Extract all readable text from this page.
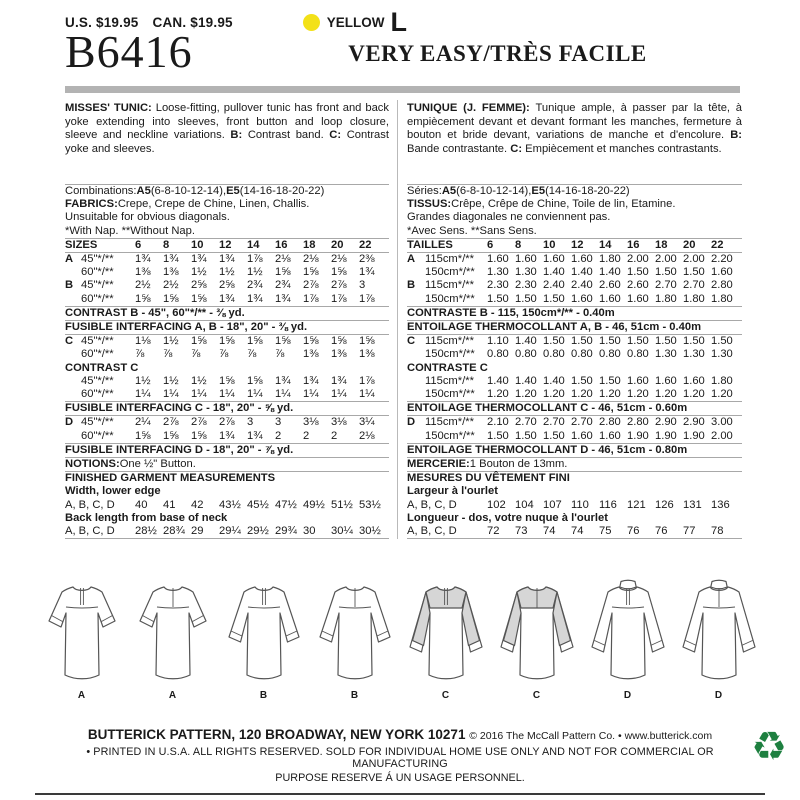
U.S. $19.95 CAN. $19.95	YELLOW L
B6416	VERY EASY/TRÈS FACILE

MISSES' TUNIC: Loose-fitting, pullover tunic has front and back yoke extending into sleeves, front button and loop closure, sleeve and neckline variations. B: Contrast band. C: Contrast yoke and sleeves.

Combinations: A5 (6-8-10-12-14), E5 (14-16-18-20-22)
FABRICS: Crepe, Crepe de Chine, Linen, Challis.
Unsuitable for obvious diagonals.
*With Nap. **Without Nap.
SIZES	6	8	10	12	14	16	18	20	22
A 45"*/**	1¾	1¾	1¾	1¾	1⅞	2⅛	2⅛	2⅛	2⅜
60"*/**	1⅜	1⅜	1½	1½	1½	1⅝	1⅝	1⅝	1¾
B 45"*/**	2½	2½	2⅝	2⅝	2¾	2¾	2⅞	2⅞	3
60"*/**	1⅝	1⅝	1⅝	1¾	1¾	1¾	1⅞	1⅞	1⅞
CONTRAST B - 45", 60"*/** - ⅜ yd.
FUSIBLE INTERFACING A, B - 18", 20" - ⅜ yd.
C 45"*/**	1⅛	1½	1⅝	1⅝	1⅝	1⅝	1⅝	1⅝	1⅝
60"*/**	⅞	⅞	⅞	⅞	⅞	⅞	1⅜	1⅜	1⅜
CONTRAST C
45"*/**	1½	1½	1½	1⅝	1⅝	1¾	1¾	1¾	1⅞
60"*/**	1¼	1¼	1¼	1¼	1¼	1¼	1¼	1¼	1¼
FUSIBLE INTERFACING C - 18", 20" - ⅝ yd.
D 45"*/**	2¼	2⅞	2⅞	2⅞	3	3	3⅛	3⅛	3¼
60"*/**	1⅝	1⅝	1⅝	1¾	1¾	2	2	2	2⅛
FUSIBLE INTERFACING D - 18", 20" - ⅞ yd.
NOTIONS: One ½" Button.
FINISHED GARMENT MEASUREMENTS
Width, lower edge
A, B, C, D	40	41	42	43½ 45½ 47½ 49½ 51½ 53½
Back length from base of neck
A, B, C, D	28½ 28¾ 29	29¼ 29½ 29¾ 30	30¼ 30½

TUNIQUE (J. FEMME): Tunique ample, à passer par la tête, à empiècement devant et devant formant les manches, fermeture à bouton et bride devant, variations de manche et d'encolure. B: Bande contrastante. C: Empiècement et manches contrastants.

Séries: A5 (6-8-10-12-14), E5 (14-16-18-20-22)
TISSUS: Crêpe, Crêpe de Chine, Toile de lin, Etamine.
Grandes diagonales ne conviennent pas.
*Avec Sens. **Sans Sens.
TAILLES	6	8	10	12	14	16	18	20	22
A 115cm*/**	1.60 1.60 1.60 1.60 1.80 2.00 2.00 2.00 2.20
150cm*/**	1.30 1.30 1.40 1.40 1.40 1.50 1.50 1.50 1.60
B 115cm*/**	2.30 2.30 2.40 2.40 2.60 2.60 2.70 2.70 2.80
150cm*/**	1.50 1.50 1.50 1.60 1.60 1.60 1.80 1.80 1.80
CONTRASTE B - 115, 150cm*/** - 0.40m
ENTOILAGE THERMOCOLLANT A, B - 46, 51cm - 0.40m
C 115cm*/**	1.10 1.40 1.50 1.50 1.50 1.50 1.50 1.50 1.50
150cm*/**	0.80 0.80 0.80 0.80 0.80 0.80 1.30 1.30 1.30
CONTRASTE C
115cm*/**	1.40 1.40 1.40 1.50 1.50 1.60 1.60 1.60 1.80
150cm*/**	1.20 1.20 1.20 1.20 1.20 1.20 1.20 1.20 1.20
ENTOILAGE THERMOCOLLANT C - 46, 51cm - 0.60m
D 115cm*/**	2.10 2.70 2.70 2.70 2.80 2.80 2.90 2.90 3.00
150cm*/**	1.50 1.50 1.50 1.60 1.60 1.90 1.90 1.90 2.00
ENTOILAGE THERMOCOLLANT D - 46, 51cm - 0.80m
MERCERIE: 1 Bouton de 13mm.
MESURES DU VÊTEMENT FINI
Largeur à l'ourlet
A, B, C, D	102 104 107 110 116 121 126 131 136
Longueur - dos, votre nuque à l'ourlet
A, B, C, D	72	73	74	74	75	76	76	77	78
A	A	B	B	C	C	D	D

BUTTERICK PATTERN, 120 BROADWAY, NEW YORK 10271 © 2016 The McCall Pattern Co. • www.butterick.com

• PRINTED IN U.S.A. ALL RIGHTS RESERVED. SOLD FOR INDIVIDUAL HOME USE ONLY AND NOT FOR COMMERCIAL OR MANUFACTURING

PURPOSE RESERVE Á UN USAGE PERSONNEL.

♻
